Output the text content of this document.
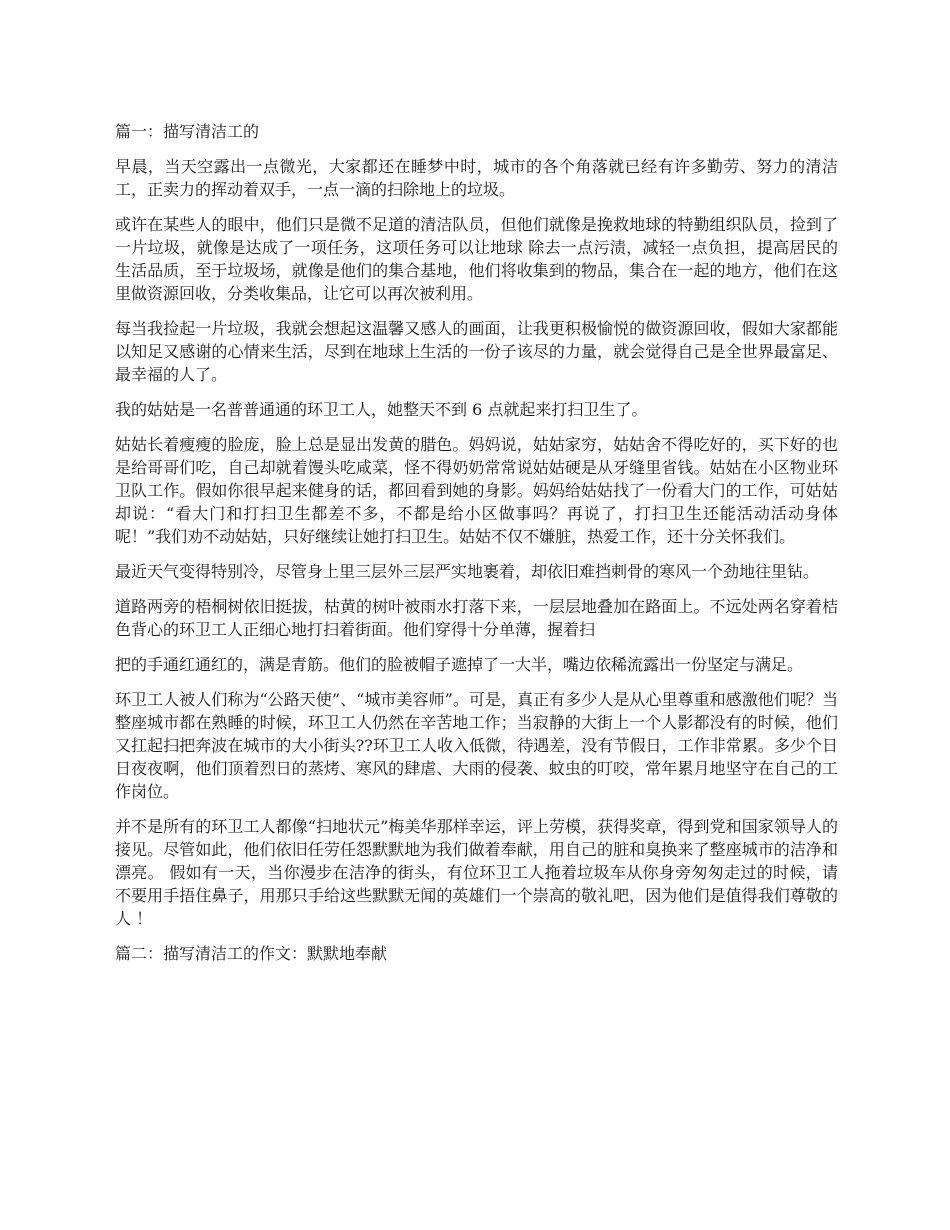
篇一：描写清洁工的

早晨，当天空露出一点微光，大家都还在睡梦中时，城市的各个角落就已经有许多勤劳、努力的清洁工，正卖力的挥动着双手，一点一滴的扫除地上的垃圾。

或许在某些人的眼中，他们只是微不足道的清洁队员，但他们就像是挽救地球的特勤组织队员，捡到了一片垃圾，就像是达成了一项任务，这项任务可以让地球 除去一点污渍，减轻一点负担，提高居民的生活品质，至于垃圾场，就像是他们的集合基地，他们将收集到的物品，集合在一起的地方，他们在这里做资源回收，分类收集品，让它可以再次被利用。

每当我捡起一片垃圾，我就会想起这温馨又感人的画面，让我更积极愉悦的做资源回收，假如大家都能以知足又感谢的心情来生活，尽到在地球上生活的一份子该尽的力量，就会觉得自己是全世界最富足、最幸福的人了。

我的姑姑是一名普普通通的环卫工人，她整天不到 6 点就起来打扫卫生了。

姑姑长着瘦瘦的脸庞，脸上总是显出发黄的腊色。妈妈说，姑姑家穷，姑姑舍不得吃好的，买下好的也是给哥哥们吃，自己却就着馒头吃咸菜，怪不得奶奶常常说姑姑硬是从牙缝里省钱。姑姑在小区物业环卫队工作。假如你很早起来健身的话，都回看到她的身影。妈妈给姑姑找了一份看大门的工作，可姑姑却说：“看大门和打扫卫生都差不多，不都是给小区做事吗？再说了，打扫卫生还能活动活动身体呢！”我们劝不动姑姑，只好继续让她打扫卫生。姑姑不仅不嫌脏，热爱工作，还十分关怀我们。

最近天气变得特别冷，尽管身上里三层外三层严实地裹着，却依旧难挡刺骨的寒风一个劲地往里钻。

道路两旁的梧桐树依旧挺拔，枯黄的树叶被雨水打落下来，一层层地叠加在路面上。不远处两名穿着桔色背心的环卫工人正细心地打扫着街面。他们穿得十分单薄，握着扫

把的手通红通红的，满是青筋。他们的脸被帽子遮掉了一大半，嘴边依稀流露出一份坚定与满足。

环卫工人被人们称为“公路天使”、“城市美容师”。可是，真正有多少人是从心里尊重和感激他们呢？当整座城市都在熟睡的时候，环卫工人仍然在辛苦地工作；当寂静的大街上一个人影都没有的时候，他们又扛起扫把奔波在城市的大小街头??环卫工人收入低微，待遇差，没有节假日，工作非常累。多少个日日夜夜啊，他们顶着烈日的蒸烤、寒风的肆虐、大雨的侵袭、蚊虫的叮咬，常年累月地坚守在自己的工作岗位。

并不是所有的环卫工人都像“扫地状元”梅美华那样幸运，评上劳模，获得奖章，得到党和国家领导人的接见。尽管如此，他们依旧任劳任怨默默地为我们做着奉献，用自己的脏和臭换来了整座城市的洁净和漂亮。 假如有一天，当你漫步在洁净的街头，有位环卫工人拖着垃圾车从你身旁匆匆走过的时候，请不要用手捂住鼻子，用那只手给这些默默无闻的英雄们一个崇高的敬礼吧，因为他们是值得我们尊敬的人 ！

篇二：描写清洁工的作文：默默地奉献
